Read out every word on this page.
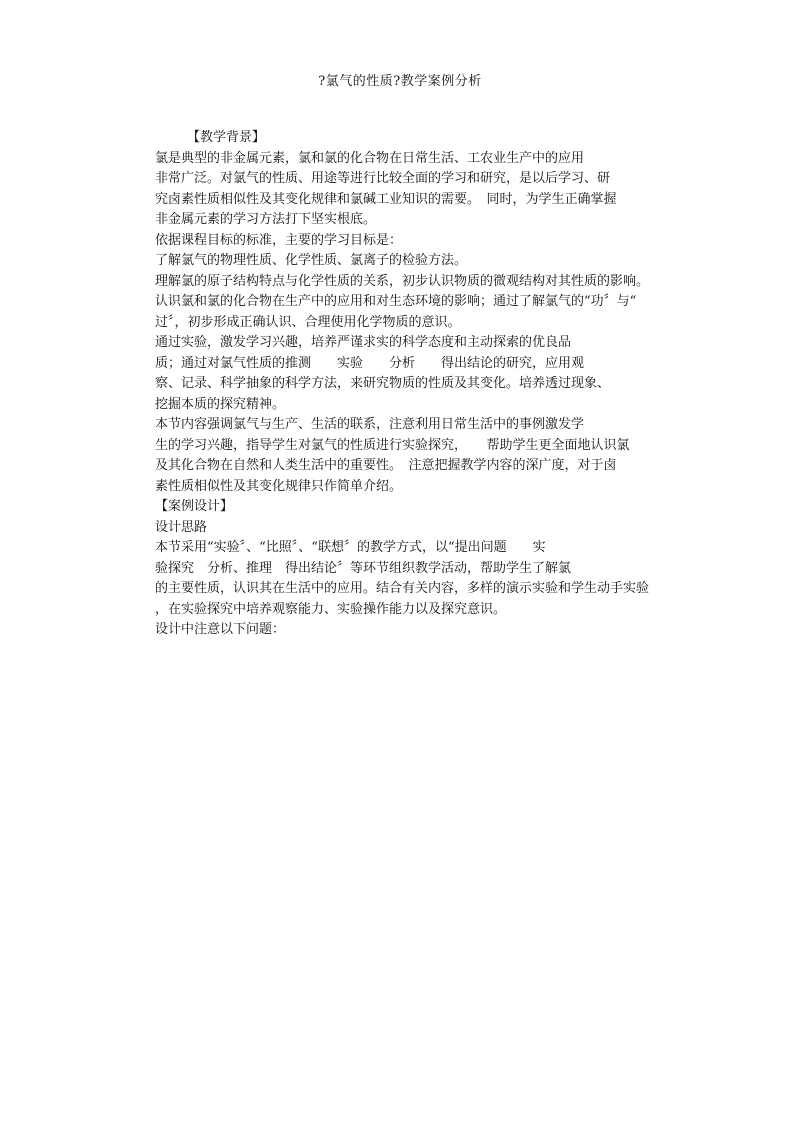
?氯气的性质?教学案例分析
【教学背景】
氯是典型的非金属元素，氯和氯的化合物在日常生活、工农业生产中的应用
非常广泛。对氯气的性质、用途等进行比较全面的学习和研究，是以后学习、研
究卤素性质相似性及其变化规律和氯碱工业知识的需要。　同时，为学生正确掌握
非金属元素的学习方法打下坚实根底。
依据课程目标的标准，主要的学习目标是：
了解氯气的物理性质、化学性质、氯离子的检验方法。
理解氯的原子结构特点与化学性质的关系，初步认识物质的微观结构对其性质的影响。
认识氯和氯的化合物在生产中的应用和对生态环境的影响；通过了解氯气的“功〞与“
过〞，初步形成正确认识、合理使用化学物质的意识。
通过实验，激发学习兴趣，培养严谨求实的科学态度和主动探索的优良品
质；通过对氯气性质的推测　　实验　　分析　　得出结论的研究，应用观
察、记录、科学抽象的科学方法，来研究物质的性质及其变化。培养透过现象、
挖掘本质的探究精神。
本节内容强调氯气与生产、生活的联系，注意利用日常生活中的事例激发学
生的学习兴趣，指导学生对氯气的性质进行实验探究，　　帮助学生更全面地认识氯
及其化合物在自然和人类生活中的重要性。　注意把握教学内容的深广度，对于卤
素性质相似性及其变化规律只作简单介绍。
【案例设计】
设计思路
本节采用“实验〞、“比照〞、“联想〞的教学方式，以“提出问题　　实
验探究　分析、推理　得出结论〞等环节组织教学活动，帮助学生了解氯
的主要性质，认识其在生活中的应用。结合有关内容，多样的演示实验和学生动手实验
，在实验探究中培养观察能力、实验操作能力以及探究意识。
设计中注意以下问题：
